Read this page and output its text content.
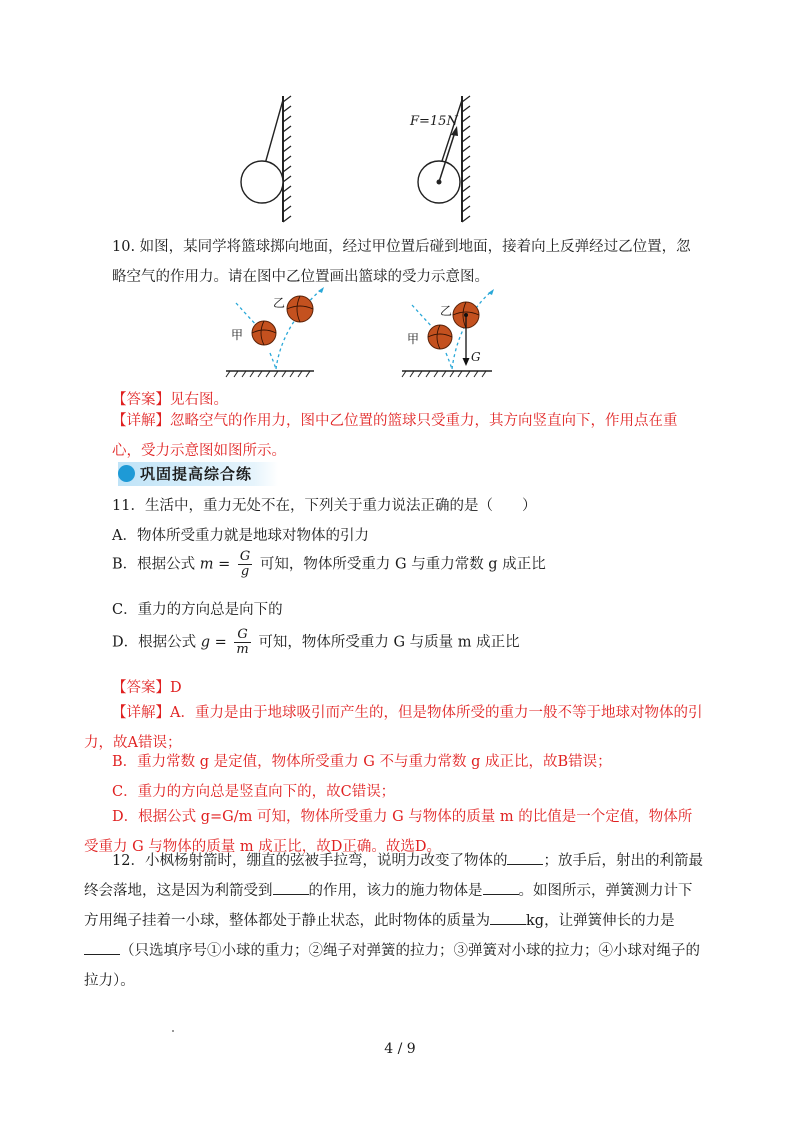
F=15N
10. 如图，某同学将篮球掷向地面，经过甲位置后碰到地面，接着向上反弹经过乙位置，忽略空气的作用力。请在图中乙位置画出篮球的受力示意图。
甲
乙
甲
乙
G
【答案】见右图。
【详解】忽略空气的作用力，图中乙位置的篮球只受重力，其方向竖直向下，作用点在重心，受力示意图如图所示。
巩固提高综合练
11．生活中，重力无处不在，下列关于重力说法正确的是（　　）
A．物体所受重力就是地球对物体的引力
B．根据公式 $m = \frac{G}{g}$ 可知，物体所受重力 G 与重力常数 g 成正比
C．重力的方向总是向下的
D．根据公式 $g = \frac{G}{m}$ 可知，物体所受重力 G 与质量 m 成正比
【答案】D
【详解】A．重力是由于地球吸引而产生的，但是物体所受的重力一般不等于地球对物体的引力，故A错误；
B．重力常数 g 是定值，物体所受重力 G 不与重力常数 g 成正比，故B错误；
C．重力的方向总是竖直向下的，故C错误；
D．根据公式 g=G/m 可知，物体所受重力 G 与物体的质量 m 的比值是一个定值，物体所受重力 G 与物体的质量 m 成正比，故D正确。故选D。
12．小枫杨射箭时，绷直的弦被手拉弯，说明力改变了物体的 ；放手后，射出的利箭最终会落地，这是因为利箭受到 的作用，该力的施力物体是 。如图所示，弹簧测力计下方用绳子挂着一小球，整体都处于静止状态，此时物体的质量为 kg，让弹簧伸长的力是（只选填序号①小球的重力；②绳子对弹簧的拉力；③弹簧对小球的拉力；④小球对绳子的拉力）。
4 / 9
